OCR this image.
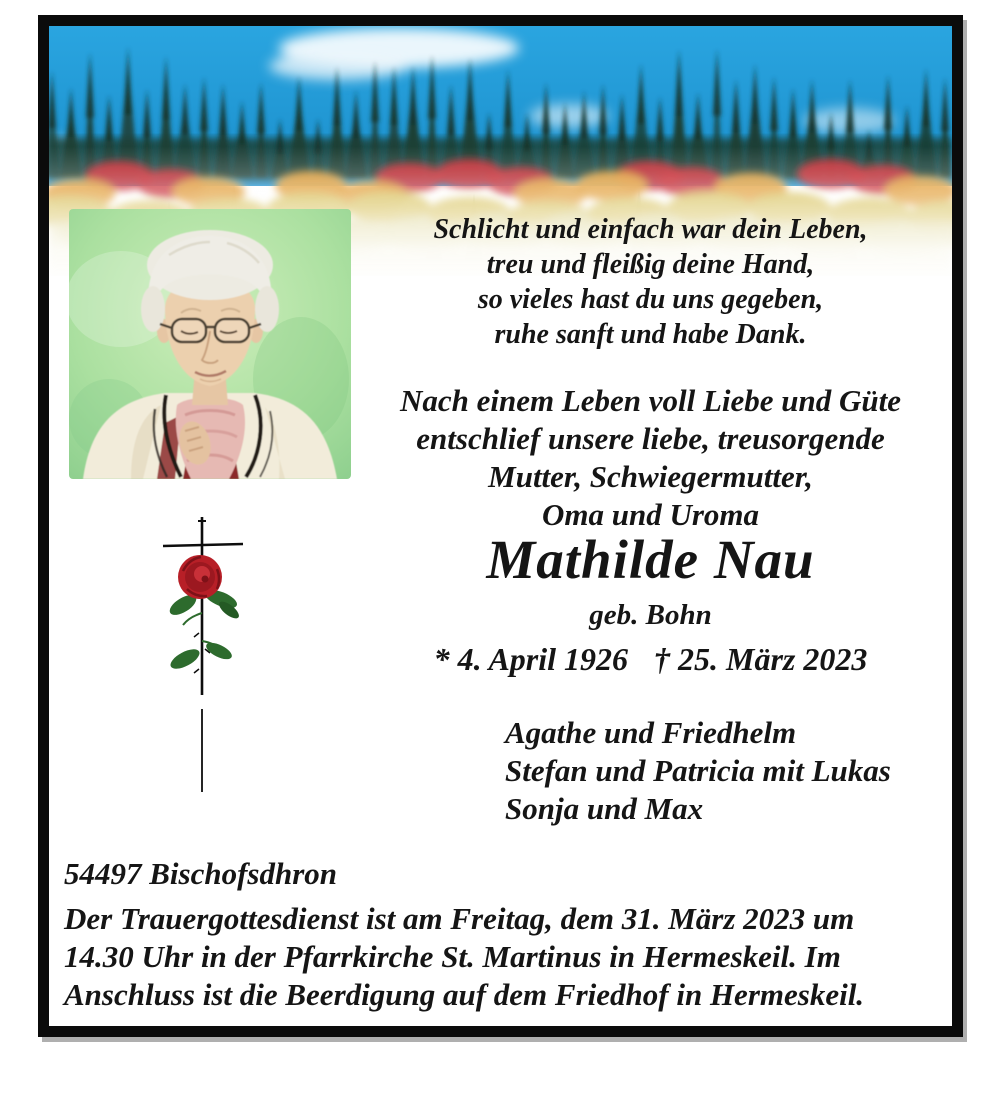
Schlicht und einfach war dein Leben,
treu und fleißig deine Hand,
so vieles hast du uns gegeben,
ruhe sanft und habe Dank.
Nach einem Leben voll Liebe und Güte
entschlief unsere liebe, treusorgende
Mutter, Schwiegermutter,
Oma und Uroma
Mathilde Nau
geb. Bohn
* 4. April 1926 † 25. März 2023
Agathe und Friedhelm
Stefan und Patricia mit Lukas
Sonja und Max
54497 Bischofsdhron
Der Trauergottesdienst ist am Freitag, dem 31. März 2023 um
14.30 Uhr in der Pfarrkirche St. Martinus in Hermeskeil. Im
Anschluss ist die Beerdigung auf dem Friedhof in Hermeskeil.
